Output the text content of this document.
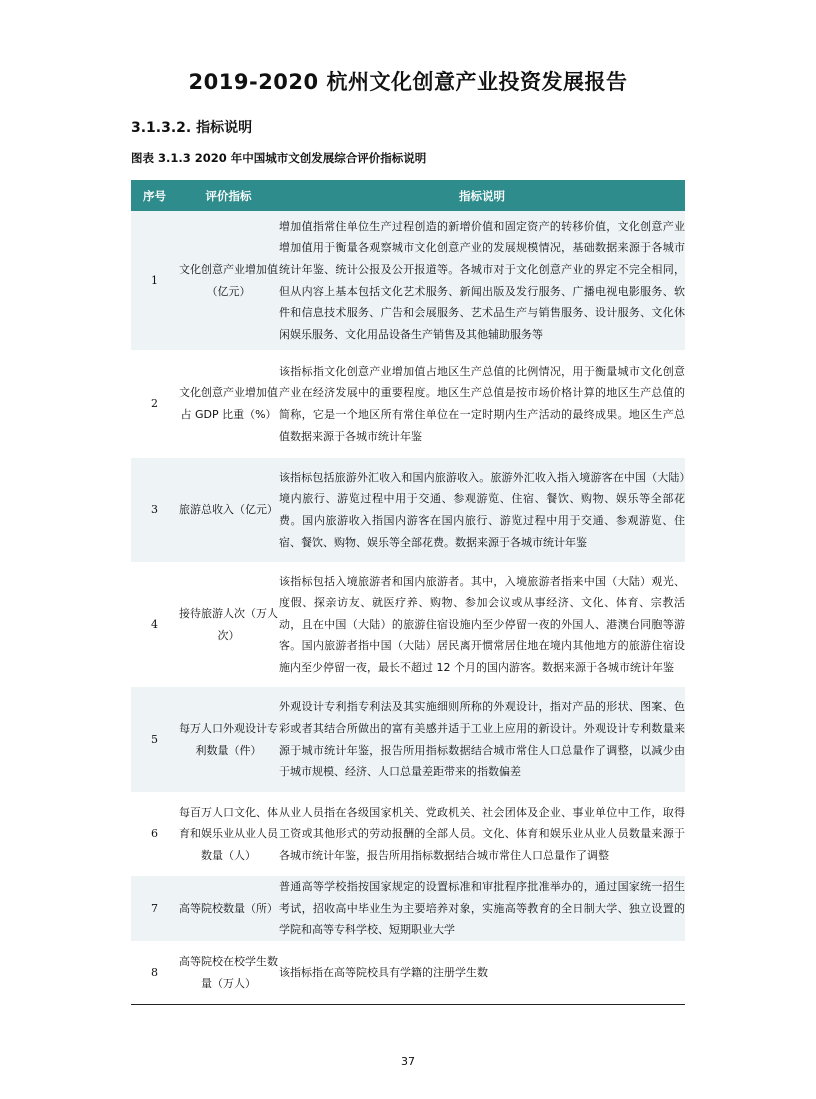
2019-2020 杭州文化创意产业投资发展报告
3.1.3.2. 指标说明
图表 3.1.3 2020 年中国城市文创发展综合评价指标说明
序号	评价指标	指标说明
1	文化创意产业增加值（亿元）	增加值指常住单位生产过程创造的新增价值和固定资产的转移价值，文化创意产业增加值用于衡量各观察城市文化创意产业的发展规模情况，基础数据来源于各城市统计年鉴、统计公报及公开报道等。各城市对于文化创意产业的界定不完全相同，但从内容上基本包括文化艺术服务、新闻出版及发行服务、广播电视电影服务、软件和信息技术服务、广告和会展服务、艺术品生产与销售服务、设计服务、文化休闲娱乐服务、文化用品设备生产销售及其他辅助服务等
2	文化创意产业增加值占 GDP 比重（%）	该指标指文化创意产业增加值占地区生产总值的比例情况，用于衡量城市文化创意产业在经济发展中的重要程度。地区生产总值是按市场价格计算的地区生产总值的简称，它是一个地区所有常住单位在一定时期内生产活动的最终成果。地区生产总值数据来源于各城市统计年鉴
3	旅游总收入（亿元）	该指标包括旅游外汇收入和国内旅游收入。旅游外汇收入指入境游客在中国（大陆）境内旅行、游览过程中用于交通、参观游览、住宿、餐饮、购物、娱乐等全部花费。国内旅游收入指国内游客在国内旅行、游览过程中用于交通、参观游览、住宿、餐饮、购物、娱乐等全部花费。数据来源于各城市统计年鉴
4	接待旅游人次（万人次）	该指标包括入境旅游者和国内旅游者。其中，入境旅游者指来中国（大陆）观光、度假、探亲访友、就医疗养、购物、参加会议或从事经济、文化、体育、宗教活动，且在中国（大陆）的旅游住宿设施内至少停留一夜的外国人、港澳台同胞等游客。国内旅游者指中国（大陆）居民离开惯常居住地在境内其他地方的旅游住宿设施内至少停留一夜，最长不超过 12 个月的国内游客。数据来源于各城市统计年鉴
5	每万人口外观设计专利数量（件）	外观设计专利指专利法及其实施细则所称的外观设计，指对产品的形状、图案、色彩或者其结合所做出的富有美感并适于工业上应用的新设计。外观设计专利数量来源于城市统计年鉴，报告所用指标数据结合城市常住人口总量作了调整，以减少由于城市规模、经济、人口总量差距带来的指数偏差
6	每百万人口文化、体育和娱乐业从业人员数量（人）	从业人员指在各级国家机关、党政机关、社会团体及企业、事业单位中工作，取得工资或其他形式的劳动报酬的全部人员。文化、体育和娱乐业从业人员数量来源于各城市统计年鉴，报告所用指标数据结合城市常住人口总量作了调整
7	高等院校数量（所）	普通高等学校指按国家规定的设置标准和审批程序批准举办的，通过国家统一招生考试，招收高中毕业生为主要培养对象，实施高等教育的全日制大学、独立设置的学院和高等专科学校、短期职业大学
8	高等院校在校学生数量（万人）	该指标指在高等院校具有学籍的注册学生数
37
